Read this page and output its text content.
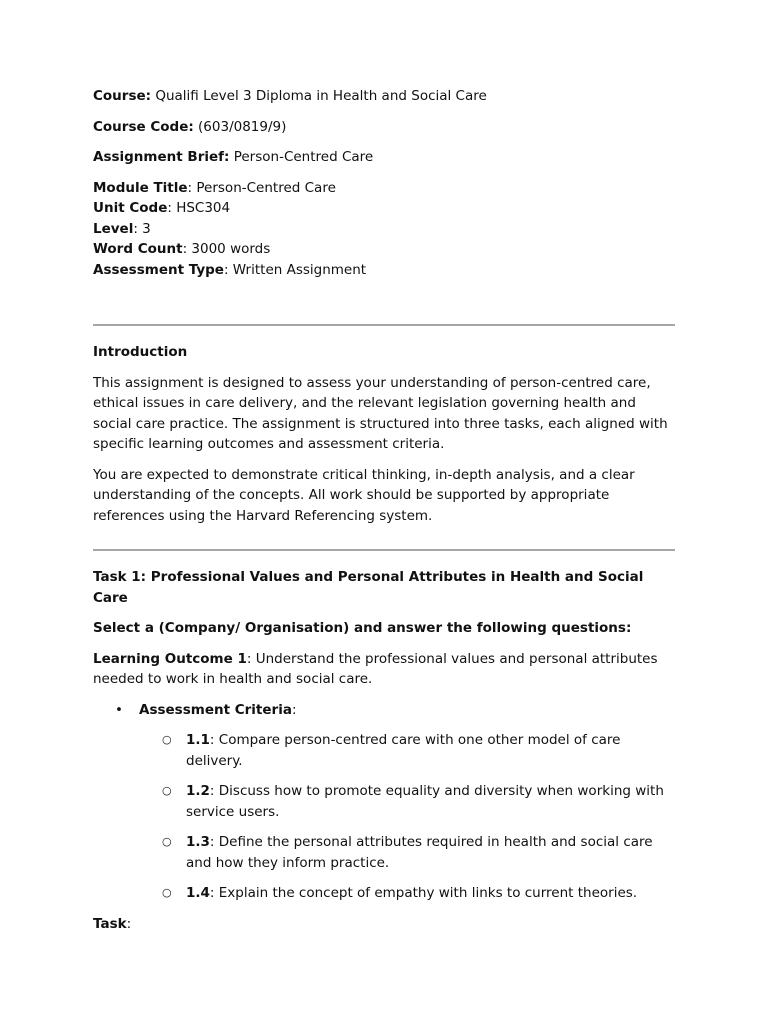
Course: Qualifi Level 3 Diploma in Health and Social Care

Course Code: (603/0819/9)

Assignment Brief: Person-Centred Care

Module Title: Person-Centred Care

Unit Code: HSC304

Level: 3

Word Count: 3000 words

Assessment Type: Written Assignment

Introduction

This assignment is designed to assess your understanding of person-centred care, ethical issues in care delivery, and the relevant legislation governing health and social care practice. The assignment is structured into three tasks, each aligned with specific learning outcomes and assessment criteria.

You are expected to demonstrate critical thinking, in-depth analysis, and a clear understanding of the concepts. All work should be supported by appropriate references using the Harvard Referencing system.

Task 1: Professional Values and Personal Attributes in Health and Social Care

Select a (Company/ Organisation) and answer the following questions:

Learning Outcome 1: Understand the professional values and personal attributes needed to work in health and social care.

• Assessment Criteria:
○ 1.1: Compare person-centred care with one other model of care delivery.
○ 1.2: Discuss how to promote equality and diversity when working with service users.
○ 1.3: Define the personal attributes required in health and social care and how they inform practice.
○ 1.4: Explain the concept of empathy with links to current theories.

Task:
